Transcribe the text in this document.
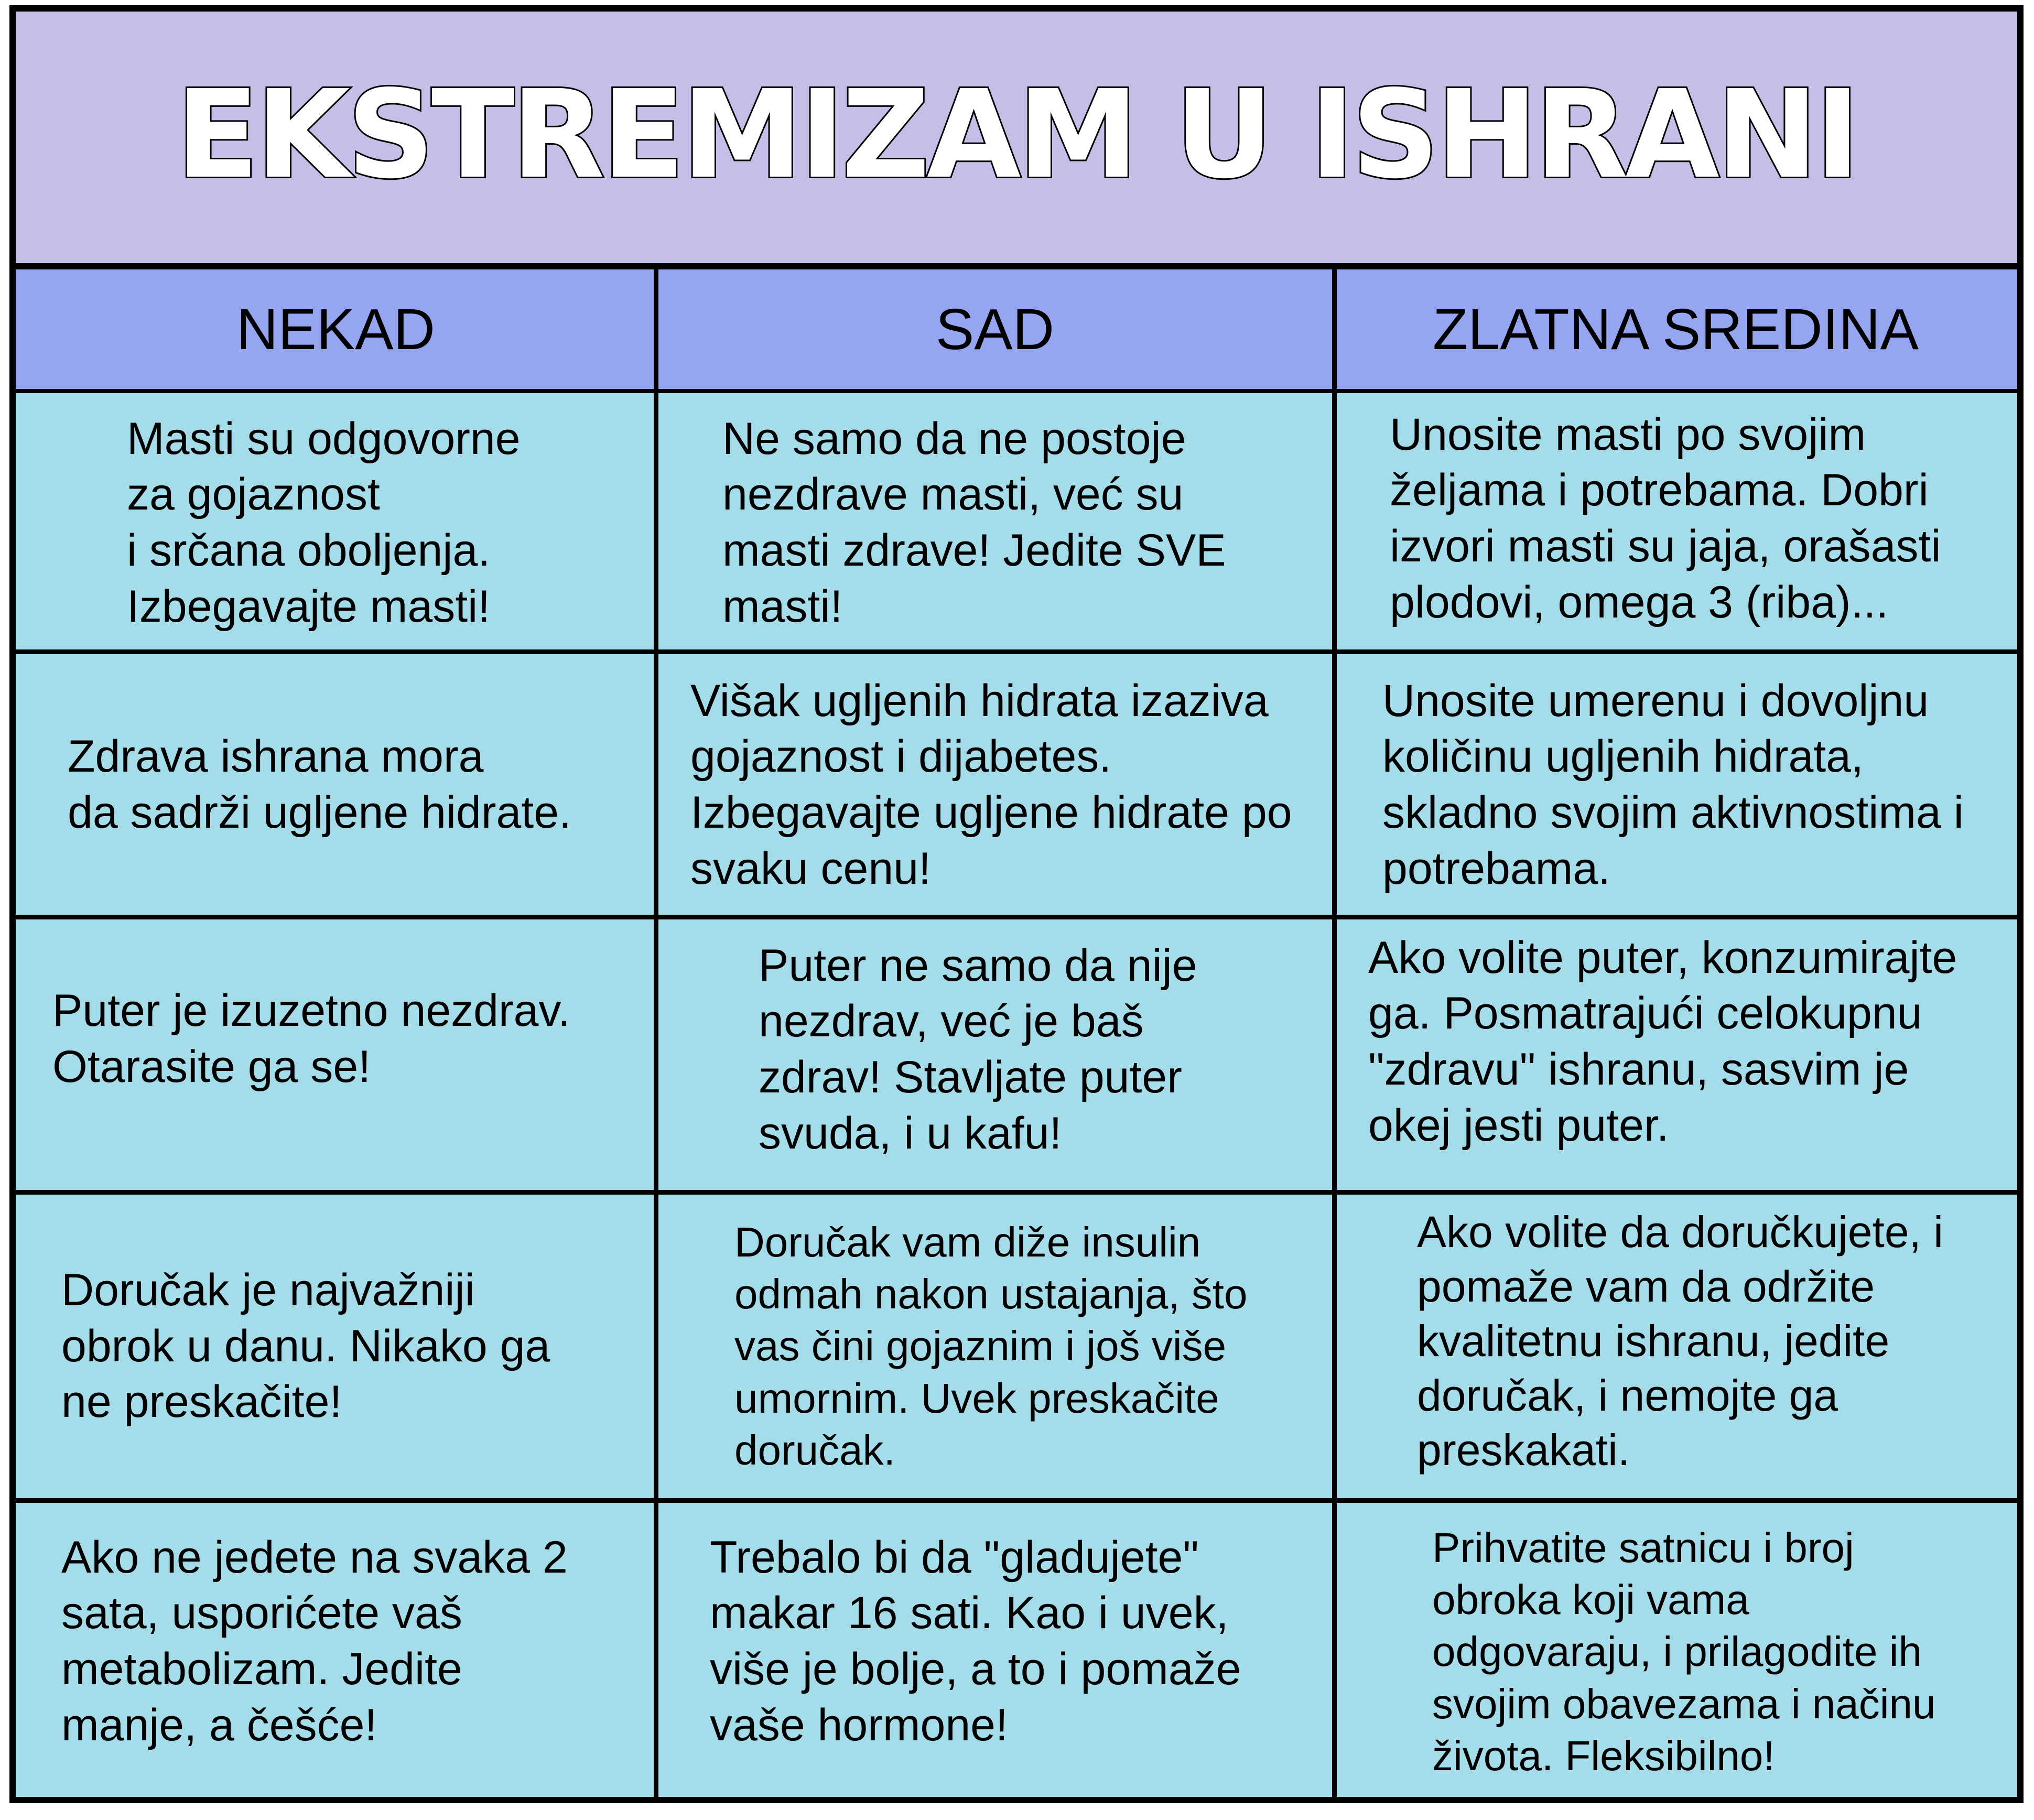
EKSTREMIZAM U ISHRANI
NEKAD	SAD	ZLATNA SREDINA
Masti su odgovorne
za gojaznost
i srčana oboljenja.
Izbegavajte masti!
Ne samo da ne postoje
nezdrave masti, već su
masti zdrave! Jedite SVE
masti!
Unosite masti po svojim
željama i potrebama. Dobri
izvori masti su jaja, orašasti
plodovi, omega 3 (riba)...
Zdrava ishrana mora
da sadrži ugljene hidrate.
Višak ugljenih hidrata izaziva
gojaznost i dijabetes.
Izbegavajte ugljene hidrate po
svaku cenu!
Unosite umerenu i dovoljnu
količinu ugljenih hidrata,
skladno svojim aktivnostima i
potrebama.
Puter je izuzetno nezdrav.
Otarasite ga se!
Puter ne samo da nije
nezdrav, već je baš
zdrav! Stavljate puter
svuda, i u kafu!
Ako volite puter, konzumirajte
ga. Posmatrajući celokupnu
"zdravu" ishranu, sasvim je
okej jesti puter.
Doručak je najvažniji
obrok u danu. Nikako ga
ne preskačite!
Doručak vam diže insulin
odmah nakon ustajanja, što
vas čini gojaznim i još više
umornim. Uvek preskačite
doručak.
Ako volite da doručkujete, i
pomaže vam da održite
kvalitetnu ishranu, jedite
doručak, i nemojte ga
preskakati.
Ako ne jedete na svaka 2
sata, usporićete vaš
metabolizam. Jedite
manje, a češće!
Trebalo bi da "gladujete"
makar 16 sati. Kao i uvek,
više je bolje, a to i pomaže
vaše hormone!
Prihvatite satnicu i broj
obroka koji vama
odgovaraju, i prilagodite ih
svojim obavezama i načinu
života. Fleksibilno!
